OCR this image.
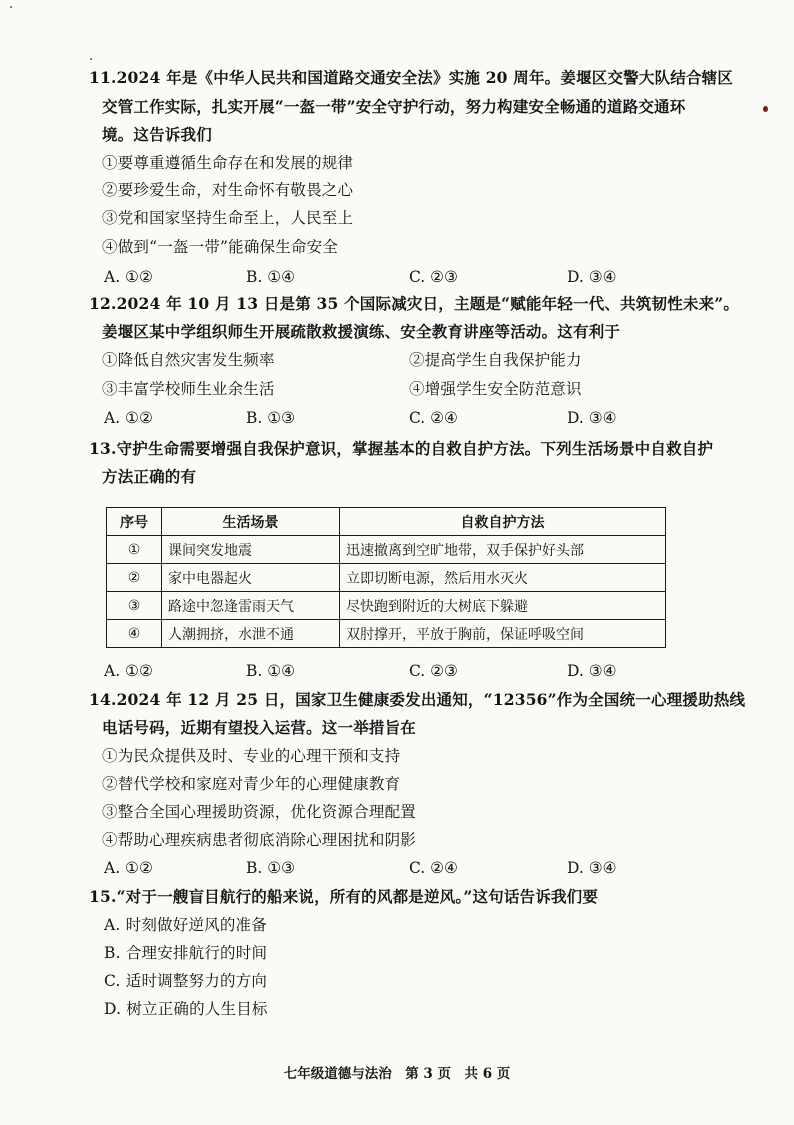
11.2024 年是《中华人民共和国道路交通安全法》实施 20 周年。姜堰区交警大队结合辖区
交管工作实际，扎实开展“一盔一带”安全守护行动，努力构建安全畅通的道路交通环
境。这告诉我们
①要尊重遵循生命存在和发展的规律
②要珍爱生命，对生命怀有敬畏之心
③党和国家坚持生命至上，人民至上
④做到“一盔一带”能确保生命安全
A. ①②	B. ①④	C. ②③	D. ③④
12.2024 年 10 月 13 日是第 35 个国际减灾日，主题是“赋能年轻一代、共筑韧性未来”。
姜堰区某中学组织师生开展疏散救援演练、安全教育讲座等活动。这有利于
①降低自然灾害发生频率	②提高学生自我保护能力
③丰富学校师生业余生活	④增强学生安全防范意识
A. ①②	B. ①③	C. ②④	D. ③④
13.守护生命需要增强自我保护意识，掌握基本的自救自护方法。下列生活场景中自救自护
方法正确的有
序号	生活场景	自救自护方法
①	课间突发地震	迅速撤离到空旷地带，双手保护好头部
②	家中电器起火	立即切断电源，然后用水灭火
③	路途中忽逢雷雨天气	尽快跑到附近的大树底下躲避
④	人潮拥挤，水泄不通	双肘撑开，平放于胸前，保证呼吸空间
A. ①②	B. ①④	C. ②③	D. ③④
14.2024 年 12 月 25 日，国家卫生健康委发出通知，“12356”作为全国统一心理援助热线
电话号码，近期有望投入运营。这一举措旨在
①为民众提供及时、专业的心理干预和支持
②替代学校和家庭对青少年的心理健康教育
③整合全国心理援助资源，优化资源合理配置
④帮助心理疾病患者彻底消除心理困扰和阴影
A. ①②	B. ①③	C. ②④	D. ③④
15.“对于一艘盲目航行的船来说，所有的风都是逆风。”这句话告诉我们要
A. 时刻做好逆风的准备
B. 合理安排航行的时间
C. 适时调整努力的方向
D. 树立正确的人生目标
七年级道德与法治　第 3 页　共 6 页
